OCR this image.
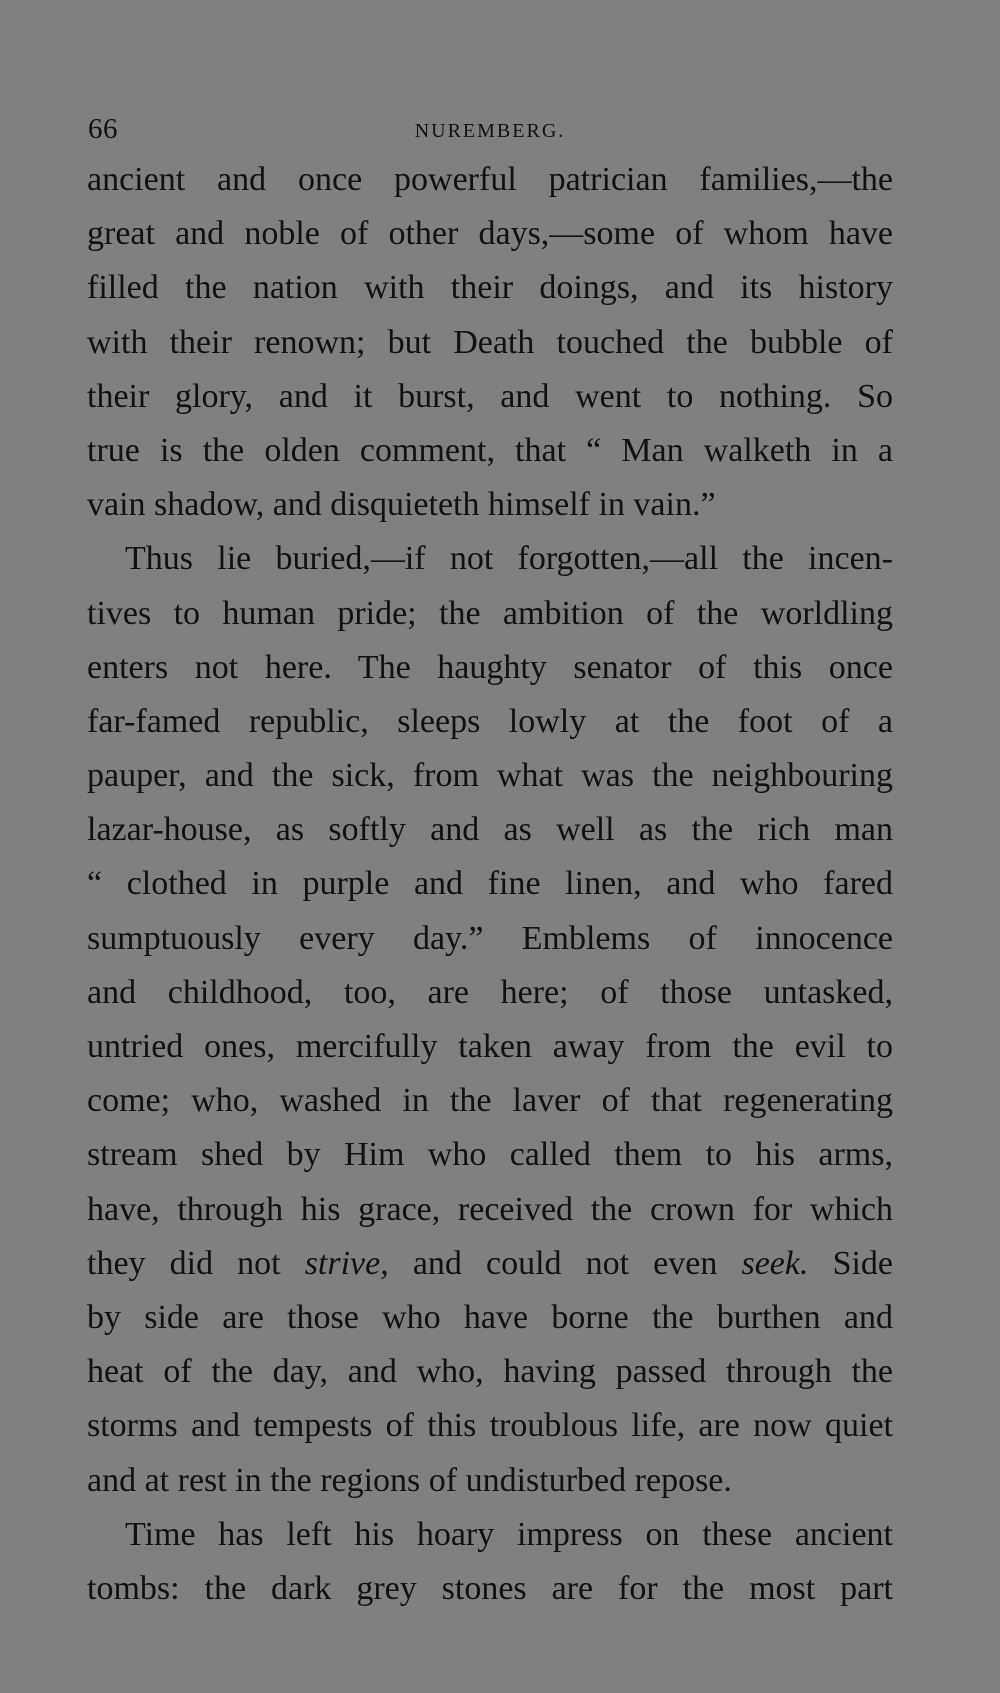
66	NUREMBERG.
ancient and once powerful patrician families,—the
great and noble of other days,—some of whom have
filled the nation with their doings, and its history
with their renown; but Death touched the bubble of
their glory, and it burst, and went to nothing. So
true is the olden comment, that “ Man walketh in a
vain shadow, and disquieteth himself in vain.”
Thus lie buried,—if not forgotten,—all the incen-
tives to human pride; the ambition of the worldling
enters not here. The haughty senator of this once
far-famed republic, sleeps lowly at the foot of a
pauper, and the sick, from what was the neighbouring
lazar-house, as softly and as well as the rich man
“ clothed in purple and fine linen, and who fared
sumptuously every day.” Emblems of innocence
and childhood, too, are here; of those untasked,
untried ones, mercifully taken away from the evil to
come; who, washed in the laver of that regenerating
stream shed by Him who called them to his arms,
have, through his grace, received the crown for which
they did not strive, and could not even seek. Side
by side are those who have borne the burthen and
heat of the day, and who, having passed through the
storms and tempests of this troublous life, are now quiet
and at rest in the regions of undisturbed repose.
Time has left his hoary impress on these ancient
tombs: the dark grey stones are for the most part
